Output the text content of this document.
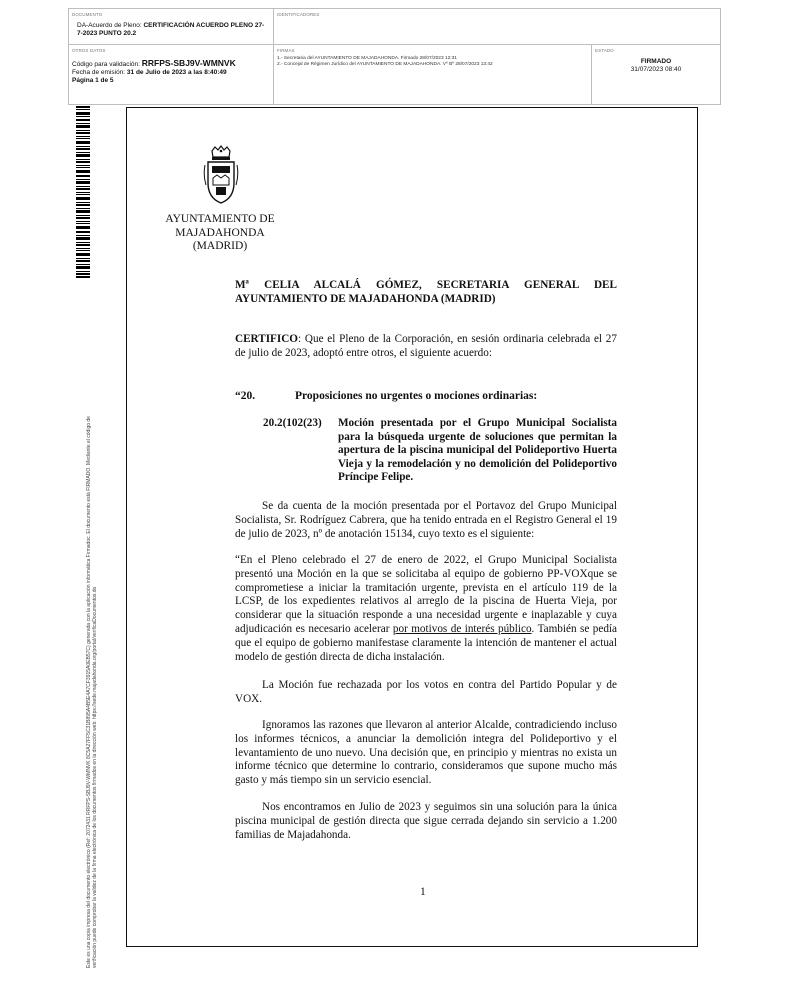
DOCUMENTO
DA-Acuerdo de Pleno: CERTIFICACIÓN ACUERDO PLENO 27-7-2023 PUNTO 20.2
IDENTIFICADORES
OTROS DATOS
Código para validación: RRFPS-SBJ9V-WMNVK
Fecha de emisión: 31 de Julio de 2023 a las 8:40:49
Página 1 de 5
FIRMAS
1.- Secretaria del AYUNTAMIENTO DE MAJADAHONDA. Firmado 28/07/2023 12:31
2.- Concejal de Régimen Jurídico del AYUNTAMIENTO DE MAJADAHONDA. Vº Bº 28/07/2023 13:42
ESTADO
FIRMADO
31/07/2023 08:40
Este es una copia impresa del documento electrónico (Ref: 2072431 RRFPS-SBJ9V-WMNVK 8C5A27FF5C31B895A4B5E4A7CF3915A0EB57C) generada con la aplicación informática Firmadoc. El documento está FIRMADO. Mediante el código de verificación puede comprobar la validez de la firma electrónica de los documentos firmados en la dirección web: https://sede.majadahonda.org/portal/verificaDocumentos.do
AYUNTAMIENTO DE
MAJADAHONDA
(MADRID)
Mª CELIA ALCALÁ GÓMEZ, SECRETARIA GENERAL DEL AYUNTAMIENTO DE MAJADAHONDA (MADRID)
CERTIFICO: Que el Pleno de la Corporación, en sesión ordinaria celebrada el 27 de julio de 2023, adoptó entre otros, el siguiente acuerdo:
“20.	Proposiciones no urgentes o mociones ordinarias:
20.2(102(23)	Moción presentada por el Grupo Municipal Socialista para la búsqueda urgente de soluciones que permitan la apertura de la piscina municipal del Polideportivo Huerta Vieja y la remodelación y no demolición del Polideportivo Príncipe Felipe.
Se da cuenta de la moción presentada por el Portavoz del Grupo Municipal Socialista, Sr. Rodríguez Cabrera, que ha tenido entrada en el Registro General el 19 de julio de 2023, nº de anotación 15134, cuyo texto es el siguiente:
“En el Pleno celebrado el 27 de enero de 2022, el Grupo Municipal Socialista presentó una Moción en la que se solicitaba al equipo de gobierno PP-VOXque se comprometiese a iniciar la tramitación urgente, prevista en el artículo 119 de la LCSP, de los expedientes relativos al arreglo de la piscina de Huerta Vieja, por considerar que la situación responde a una necesidad urgente e inaplazable y cuya adjudicación es necesario acelerar por motivos de interés público. También se pedía que el equipo de gobierno manifestase claramente la intención de mantener el actual modelo de gestión directa de dicha instalación.
La Moción fue rechazada por los votos en contra del Partido Popular y de VOX.
Ignoramos las razones que llevaron al anterior Alcalde, contradiciendo incluso los informes técnicos, a anunciar la demolición integra del Polideportivo y el levantamiento de uno nuevo. Una decisión que, en principio y mientras no exista un informe técnico que determine lo contrario, consideramos que supone mucho más gasto y más tiempo sin un servicio esencial.
Nos encontramos en Julio de 2023 y seguimos sin una solución para la única piscina municipal de gestión directa que sigue cerrada dejando sin servicio a 1.200 familias de Majadahonda.
1
